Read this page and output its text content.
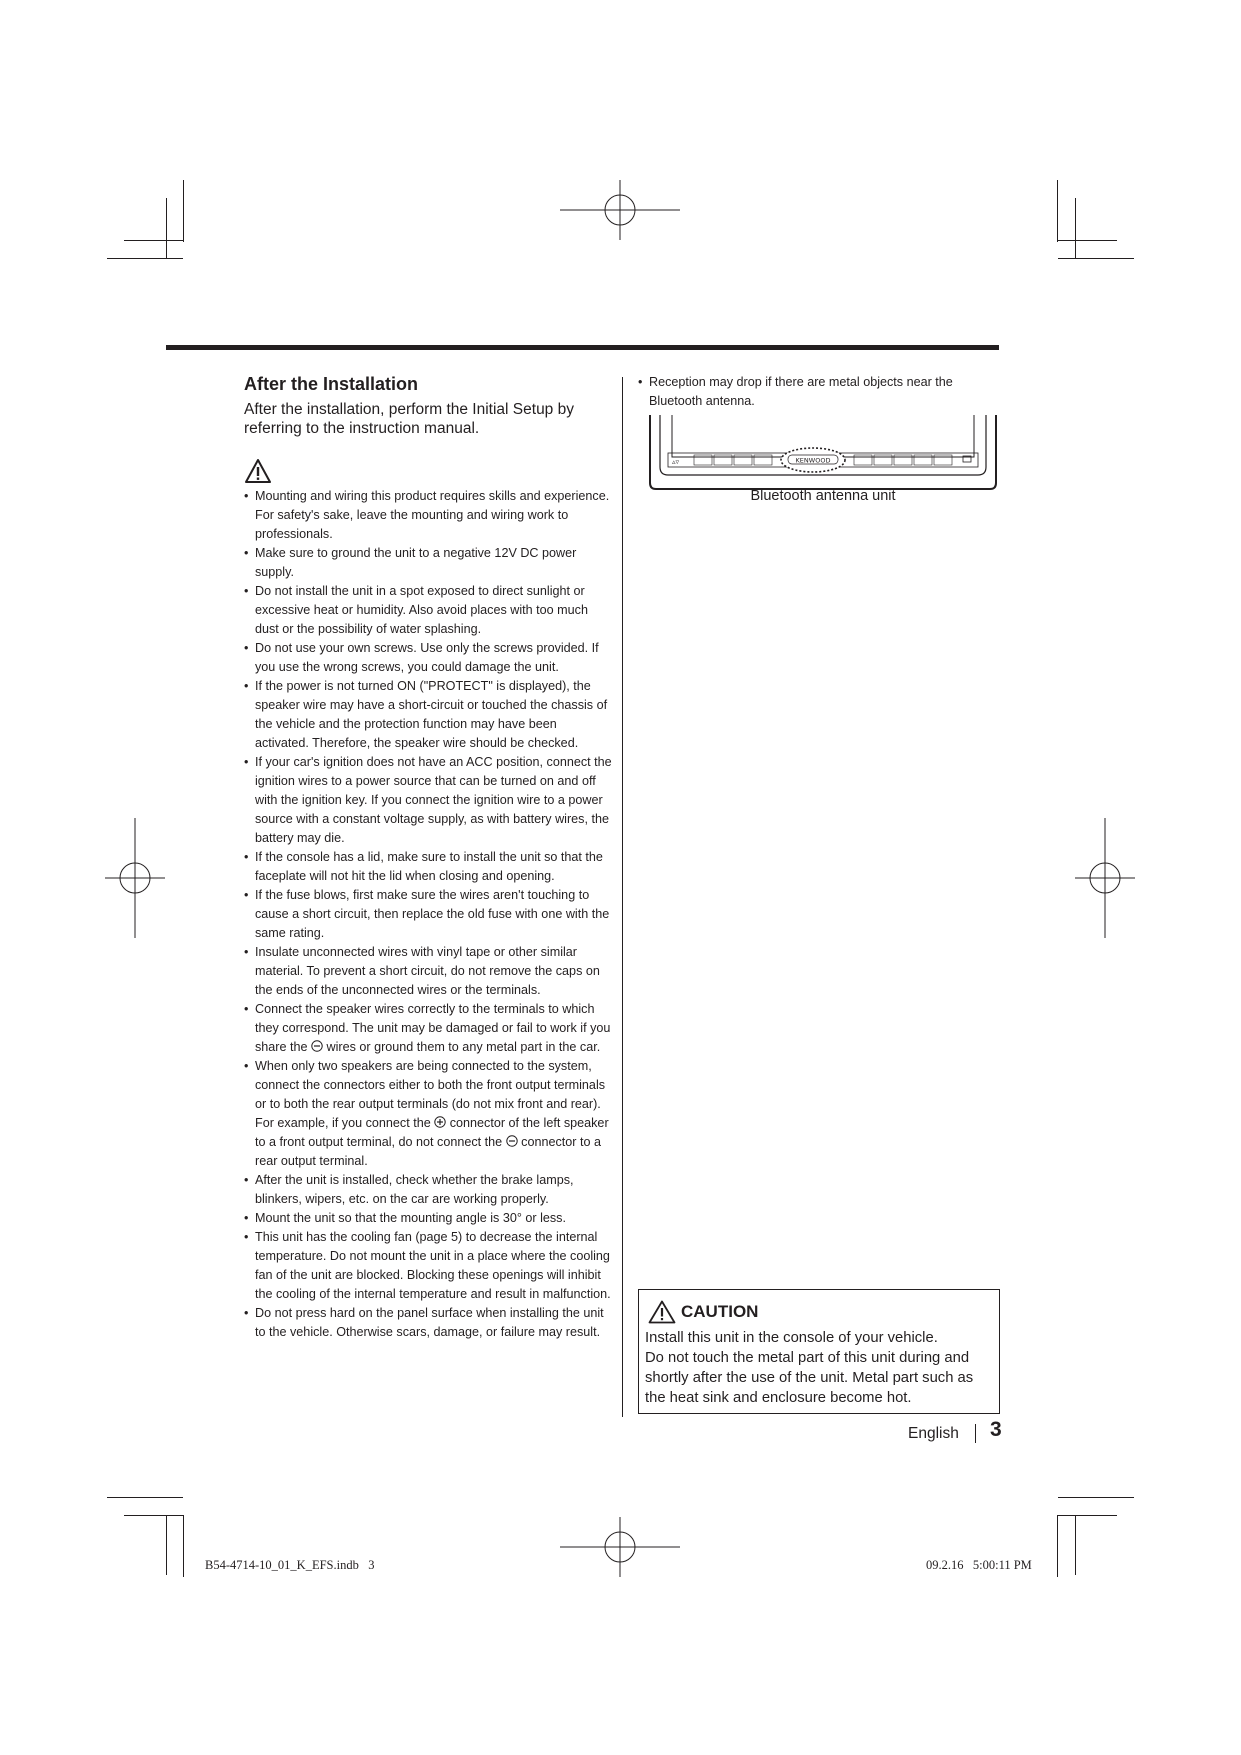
After the Installation

After the installation, perform the Initial Setup by referring to the instruction manual.

• Mounting and wiring this product requires skills and experience. For safety's sake, leave the mounting and wiring work to professionals.
• Make sure to ground the unit to a negative 12V DC power supply.
• Do not install the unit in a spot exposed to direct sunlight or excessive heat or humidity. Also avoid places with too much dust or the possibility of water splashing.
• Do not use your own screws. Use only the screws provided. If you use the wrong screws, you could damage the unit.
• If the power is not turned ON ("PROTECT" is displayed), the speaker wire may have a short-circuit or touched the chassis of the vehicle and the protection function may have been activated. Therefore, the speaker wire should be checked.
• If your car's ignition does not have an ACC position, connect the ignition wires to a power source that can be turned on and off with the ignition key. If you connect the ignition wire to a power source with a constant voltage supply, as with battery wires, the battery may die.
• If the console has a lid, make sure to install the unit so that the faceplate will not hit the lid when closing and opening.
• If the fuse blows, first make sure the wires aren't touching to cause a short circuit, then replace the old fuse with one with the same rating.
• Insulate unconnected wires with vinyl tape or other similar material. To prevent a short circuit, do not remove the caps on the ends of the unconnected wires or the terminals.
• Connect the speaker wires correctly to the terminals to which they correspond. The unit may be damaged or fail to work if you share the wires or ground them to any metal part in the car.
• When only two speakers are being connected to the system, connect the connectors either to both the front output terminals or to both the rear output terminals (do not mix front and rear). For example, if you connect the connector of the left speaker to a front output terminal, do not connect the connector to a rear output terminal.
• After the unit is installed, check whether the brake lamps, blinkers, wipers, etc. on the car are working properly.
• Mount the unit so that the mounting angle is 30° or less.
• This unit has the cooling fan (page 5) to decrease the internal temperature. Do not mount the unit in a place where the cooling fan of the unit are blocked. Blocking these openings will inhibit the cooling of the internal temperature and result in malfunction.
• Do not press hard on the panel surface when installing the unit to the vehicle. Otherwise scars, damage, or failure may result.
• Reception may drop if there are metal objects near the Bluetooth antenna.
▵▿	KENWOOD
Bluetooth antenna unit
CAUTION

Install this unit in the console of your vehicle.
Do not touch the metal part of this unit during and shortly after the use of the unit. Metal part such as the heat sink and enclosure become hot.

English 3
B54-4714-10_01_K_EFS.indb   3	09.2.16   5:00:11 PM
